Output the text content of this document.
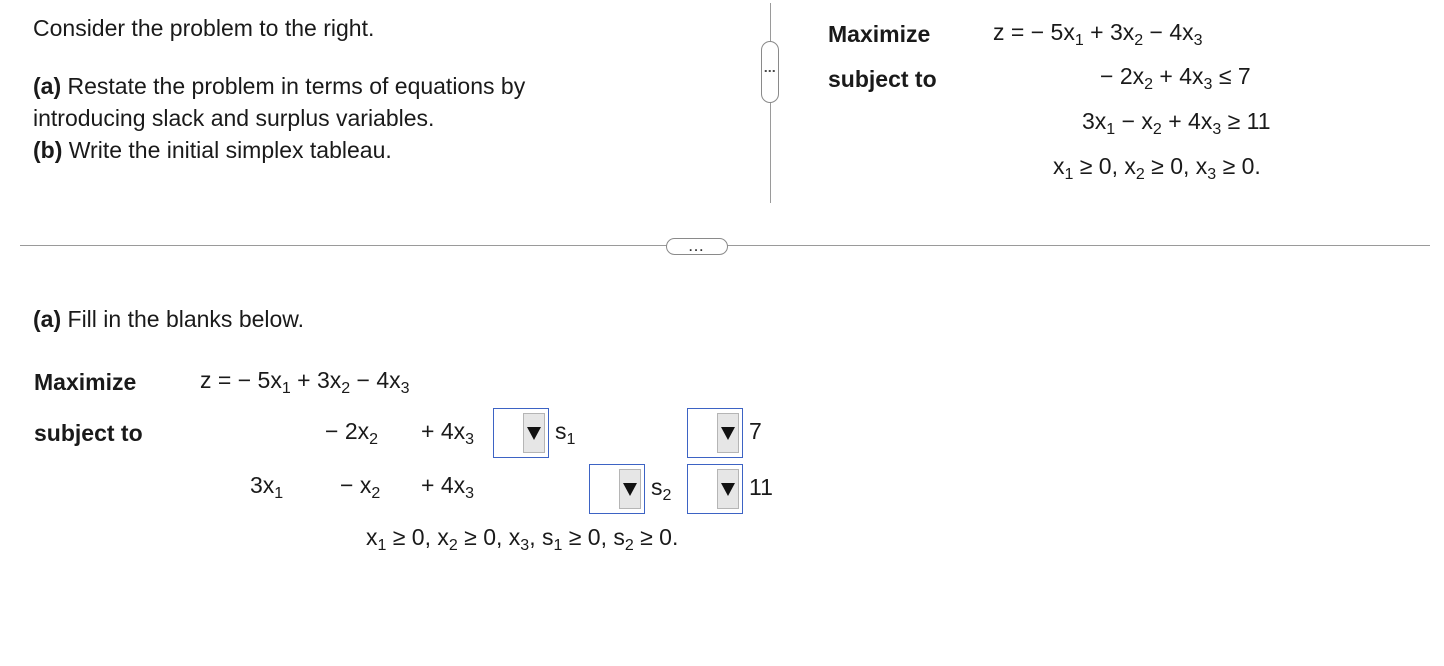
Consider the problem to the right.
(a) Restate the problem in terms of equations by
introducing slack and surplus variables.
(b) Write the initial simplex tableau.
⋮
Maximize
subject to
z = − $5x_1 + 3x_2 - 4x_3$
− $2x_2 + 4x_3 \le 7$
$3x_1 - x_2 + 4x_3 \ge 11$
$x_1 \ge 0$, $x_2 \ge 0$, $x_3 \ge 0$.
...
(a) Fill in the blanks below.
Maximize
subject to
z = − $5x_1 + 3x_2 - 4x_3$
− $2x_2 + 4x_3$	$s_1$	7
$3x_1 - x_2 + 4x_3$	$s_2$	11
$x_1 \ge 0$, $x_2 \ge 0$, $x_3$, $s_1 \ge 0$, $s_2 \ge 0$.
